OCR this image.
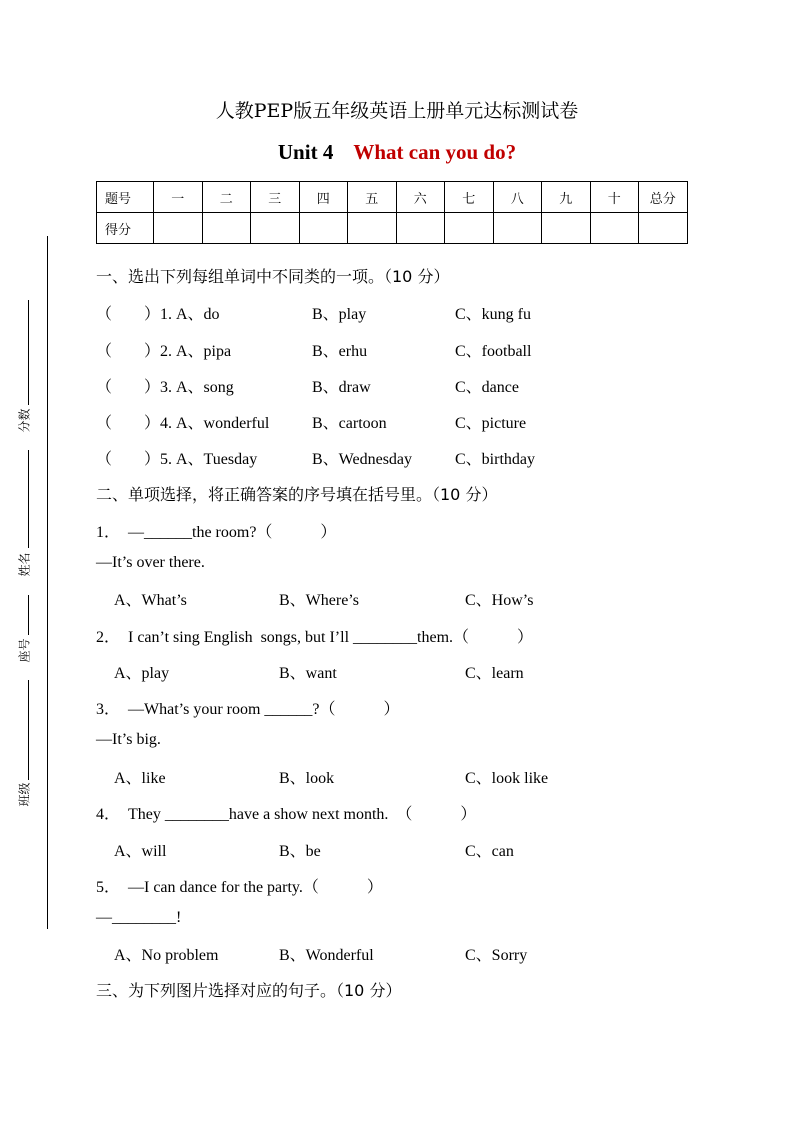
人教PEP版五年级英语上册单元达标测试卷
Unit 4 What can you do?
题号	一	二	三	四	五	六	七	八	九	十	总分
得分											
分数
姓名
座号
班级
一、选出下列每组单词中不同类的一项。（10 分）
（　　）1. A、do	B、play	C、kung fu
（　　）2. A、pipa	B、erhu	C、football
（　　）3. A、song	B、draw	C、dance
（　　）4. A、wonderful	B、cartoon	C、picture
（　　）5. A、Tuesday	B、Wednesday	C、birthday
二、单项选择，将正确答案的序号填在括号里。（10 分）
1．　—______the room?（　　　）
—It’s over there.
A、What’s	B、Where’s	C、How’s
2．　I can’t sing English  songs, but I’ll ________them.（　　　）
A、play	B、want	C、learn
3．　—What’s your room ______?（　　　）
—It’s big.
A、like	B、look	C、look like
4．　They ________have a show next month.　（　　　）
A、will	B、be	C、can
5．　—I can dance for the party.（　　　）
—________!
A、No problem	B、Wonderful	C、Sorry
三、为下列图片选择对应的句子。（10 分）
